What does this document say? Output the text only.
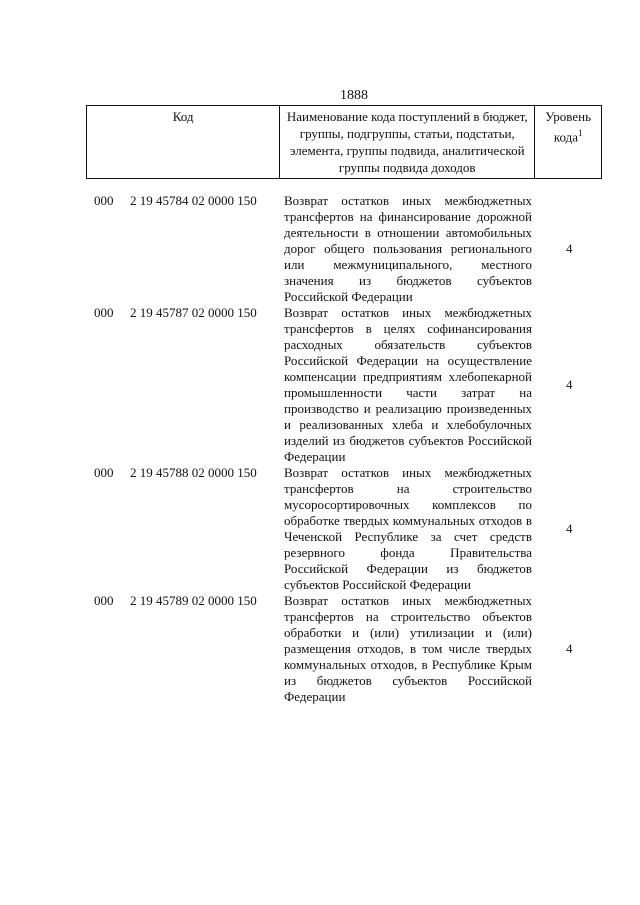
1888
Код	Наименование кода поступлений в бюджет, группы, подгруппы, статьи, подстатьи, элемента, группы подвида, аналитической группы подвида доходов	Уровень кода$^1$
000 2 19 45784 02 0000 150 Возврат остатков иных межбюджетных трансфертов на финансирование дорожной деятельности в отношении автомобильных дорог общего пользования регионального или межмуниципального, местного значения из бюджетов субъектов Российской Федерации
4
000 2 19 45787 02 0000 150 Возврат остатков иных межбюджетных трансфертов в целях софинансирования расходных обязательств субъектов Российской Федерации на осуществление компенсации предприятиям хлебопекарной промышленности части затрат на производство и реализацию произведенных и реализованных хлеба и хлебобулочных изделий из бюджетов субъектов Российской Федерации
4
000 2 19 45788 02 0000 150 Возврат остатков иных межбюджетных трансфертов на строительство мусоросортировочных комплексов по обработке твердых коммунальных отходов в Чеченской Республике за счет средств резервного фонда Правительства Российской Федерации из бюджетов субъектов Российской Федерации
4
000 2 19 45789 02 0000 150 Возврат остатков иных межбюджетных трансфертов на строительство объектов обработки и (или) утилизации и (или) размещения отходов, в том числе твердых коммунальных отходов, в Республике Крым из бюджетов субъектов Российской Федерации
4
